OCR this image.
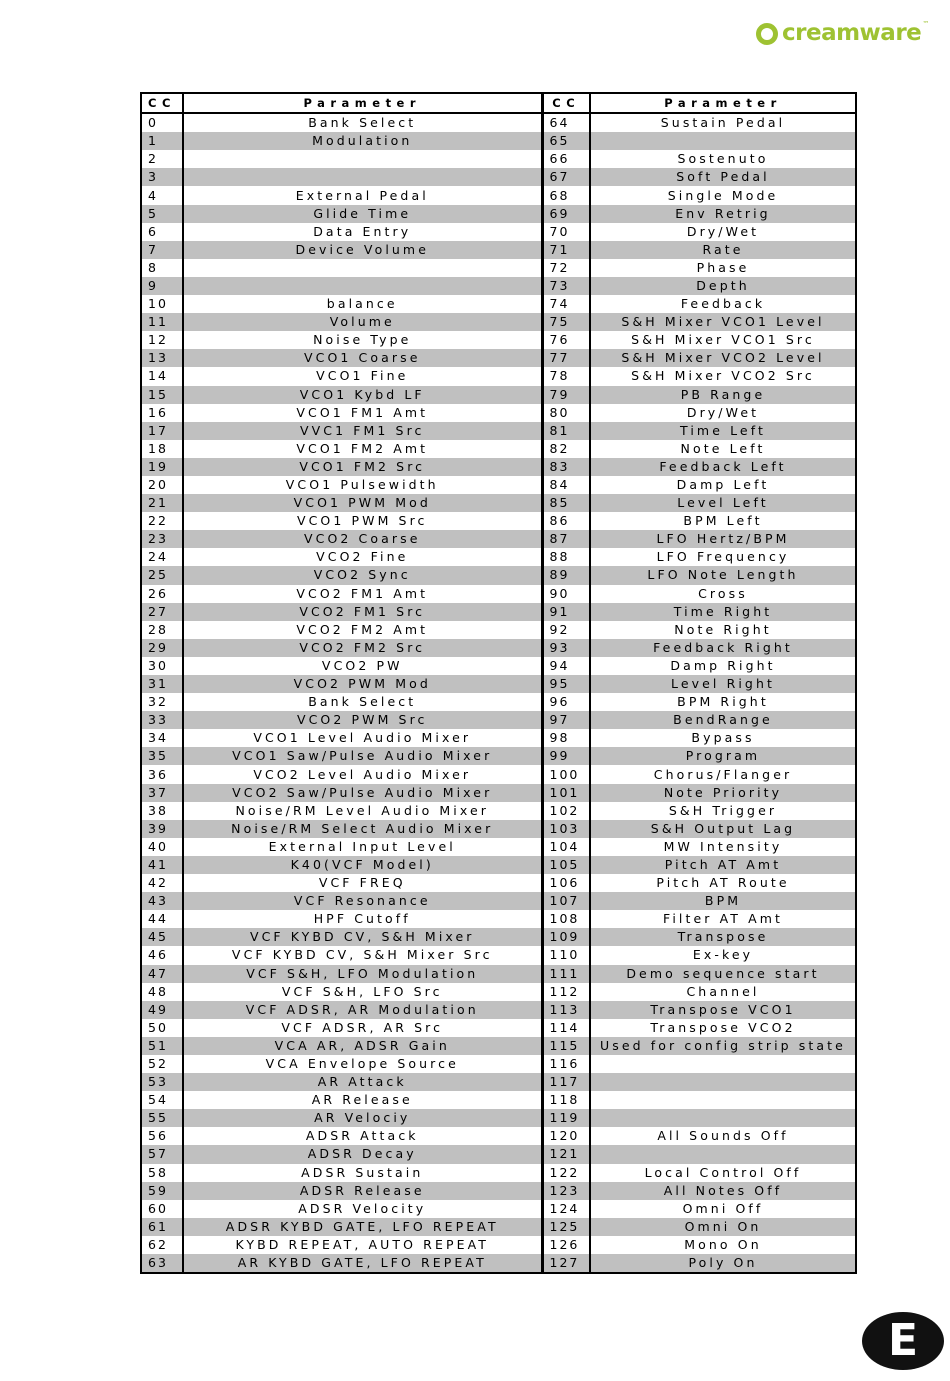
creamware ™
CC	Parameter	CC	Parameter
0	Bank Select	64	Sustain Pedal
1	Modulation	65	
2		66	Sostenuto
3		67	Soft Pedal
4	External Pedal	68	Single Mode
5	Glide Time	69	Env Retrig
6	Data Entry	70	Dry/Wet
7	Device Volume	71	Rate
8		72	Phase
9		73	Depth
10	balance	74	Feedback
11	Volume	75	S&H Mixer VCO1 Level
12	Noise Type	76	S&H Mixer VCO1 Src
13	VCO1 Coarse	77	S&H Mixer VCO2 Level
14	VCO1 Fine	78	S&H Mixer VCO2 Src
15	VCO1 Kybd LF	79	PB Range
16	VCO1 FM1 Amt	80	Dry/Wet
17	VVC1 FM1 Src	81	Time Left
18	VCO1 FM2 Amt	82	Note Left
19	VCO1 FM2 Src	83	Feedback Left
20	VCO1 Pulsewidth	84	Damp Left
21	VCO1 PWM Mod	85	Level Left
22	VCO1 PWM Src	86	BPM Left
23	VCO2 Coarse	87	LFO Hertz/BPM
24	VCO2 Fine	88	LFO Frequency
25	VCO2 Sync	89	LFO Note Length
26	VCO2 FM1 Amt	90	Cross
27	VCO2 FM1 Src	91	Time Right
28	VCO2 FM2 Amt	92	Note Right
29	VCO2 FM2 Src	93	Feedback Right
30	VCO2 PW	94	Damp Right
31	VCO2 PWM Mod	95	Level Right
32	Bank Select	96	BPM Right
33	VCO2 PWM Src	97	BendRange
34	VCO1 Level Audio Mixer	98	Bypass
35	VCO1 Saw/Pulse Audio Mixer	99	Program
36	VCO2 Level Audio Mixer	100	Chorus/Flanger
37	VCO2 Saw/Pulse Audio Mixer	101	Note Priority
38	Noise/RM Level Audio Mixer	102	S&H Trigger
39	Noise/RM Select Audio Mixer	103	S&H Output Lag
40	External Input Level	104	MW Intensity
41	K40(VCF Model)	105	Pitch AT Amt
42	VCF FREQ	106	Pitch AT Route
43	VCF Resonance	107	BPM
44	HPF Cutoff	108	Filter AT Amt
45	VCF KYBD CV, S&H Mixer	109	Transpose
46	VCF KYBD CV, S&H Mixer Src	110	Ex-key
47	VCF S&H, LFO Modulation	111	Demo sequence start
48	VCF S&H, LFO Src	112	Channel
49	VCF ADSR, AR Modulation	113	Transpose VCO1
50	VCF ADSR, AR Src	114	Transpose VCO2
51	VCA AR, ADSR Gain	115	Used for config strip state
52	VCA Envelope Source	116	
53	AR Attack	117	
54	AR Release	118	
55	AR Velociy	119	
56	ADSR Attack	120	All Sounds Off
57	ADSR Decay	121	
58	ADSR Sustain	122	Local Control Off
59	ADSR Release	123	All Notes Off
60	ADSR Velocity	124	Omni Off
61	ADSR KYBD GATE, LFO REPEAT	125	Omni On
62	KYBD REPEAT, AUTO REPEAT	126	Mono On
63	AR KYBD GATE, LFO REPEAT	127	Poly On
E
